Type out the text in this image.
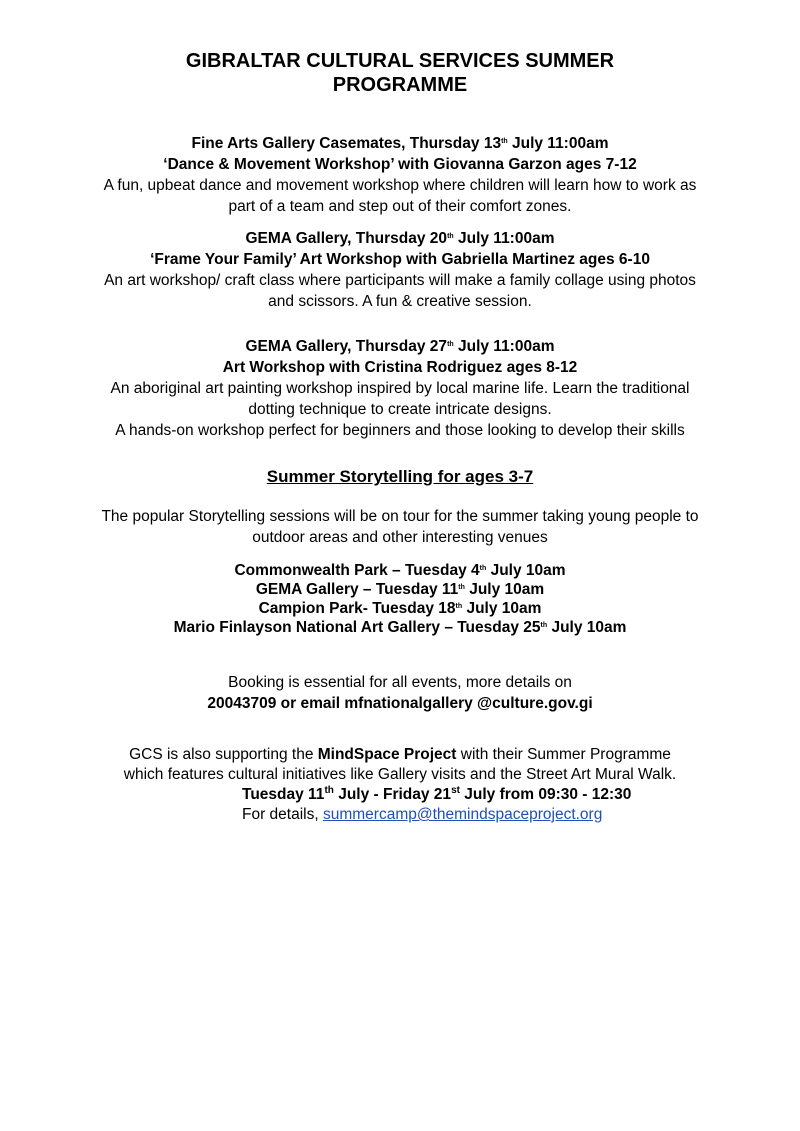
GIBRALTAR CULTURAL SERVICES SUMMER
PROGRAMME
Fine Arts Gallery Casemates, Thursday 13th July 11:00am
‘Dance & Movement Workshop’ with Giovanna Garzon ages 7-12
A fun, upbeat dance and movement workshop where children will learn how to work as part of a team and step out of their comfort zones.
GEMA Gallery, Thursday 20th July 11:00am
‘Frame Your Family’ Art Workshop with Gabriella Martinez ages 6-10
An art workshop/ craft class where participants will make a family collage using photos and scissors. A fun & creative session.
GEMA Gallery, Thursday 27th July 11:00am
Art Workshop with Cristina Rodriguez ages 8-12
An aboriginal art painting workshop inspired by local marine life. Learn the traditional dotting technique to create intricate designs.
A hands-on workshop perfect for beginners and those looking to develop their skills
Summer Storytelling for ages 3-7
The popular Storytelling sessions will be on tour for the summer taking young people to outdoor areas and other interesting venues
Commonwealth Park – Tuesday 4th July 10am
GEMA Gallery – Tuesday 11th July 10am
Campion Park- Tuesday 18th July 10am
Mario Finlayson National Art Gallery – Tuesday 25th July 10am
Booking is essential for all events, more details on
20043709 or email mfnationalgallery @culture.gov.gi
GCS is also supporting the MindSpace Project with their Summer Programme
which features cultural initiatives like Gallery visits and the Street Art Mural Walk.
Tuesday 11th July - Friday 21st July from 09:30 - 12:30
For details, summercamp@themindspaceproject.org
